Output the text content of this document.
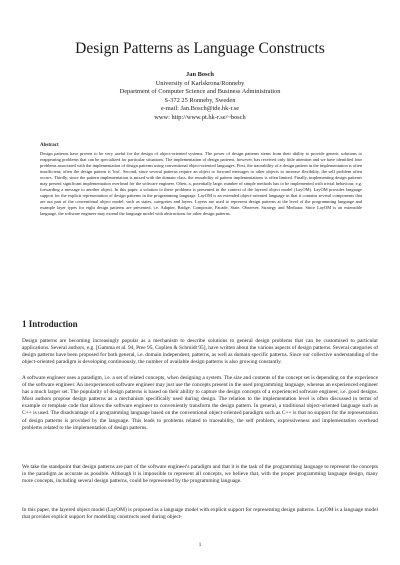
Design Patterns as Language Constructs
Jan Bosch
University of Karlskrona/Ronneby
Department of Computer Science and Business Administration
S-372 25 Ronneby, Sweden
e-mail: Jan.Bosch@ide.hk-r.se
www: http://www.pt.hk-r.se/~bosch
Abstract
Design patterns have proven to be very useful for the design of object-oriented systems. The power of design patterns stems from their ability to provide generic solutions to reappearing problems that can be specialized for particular situations. The implementation of design patterns, however, has received only little attention and we have identified four problems associated with the implementation of design patterns using conventional object-oriented languages. First, the traceability of a design pattern in the implementation is often insufficient; often the design pattern is 'lost'. Second, since several patterns require an object to forward messages to other objects to increase flexibility, the self problem often occurs. Thirdly, since the pattern implementation is mixed with the domain class, the reusability of pattern implementations is often limited. Finally, implementing design patterns may present significant implementation overhead for the software engineer. Often, a, potentially large, number of simple methods has to be implemented with trivial behaviour, e.g. forwarding a message to another object. In this paper, a solution to these problems is presented in the context of the layered object model (LayOM). LayOM provides language support for the explicit representation of design patterns in the programming language. LayOM is an extended object-oriented language in that it contains several components that are not part of the conventional object model, such as states, categories and layers. Layers are used to represent design patterns at the level of the programming language and example layer types for eight design patterns are presented, i.e. Adapter, Bridge, Composite, Facade, State, Observer, Strategy and Mediator. Since LayOM is an extensible language, the software engineer may extend the language model with abstractions for other design patterns.
1 Introduction

Design patterns are becoming increasingly popular as a mechanism to describe solutions to general design problems that can be customised to particular applications. Several authors, e.g. [Gamma et al. 94, Pree 95, Coplien & Schmidt 95], have written about the various aspects of design patterns. Several categories of design patterns have been proposed for both general, i.e. domain independent, patterns, as well as domain specific patterns. Since our collective understanding of the object-oriented paradigm is developing continuously, the number of available design patterns is also growing constantly.

A software engineer uses a paradigm, i.e. a set of related concepts, when designing a system. The size and contents of the concept set is depending on the experience of the software engineer. An inexperienced software engineer may just use the concepts present in the used programming language, whereas an experienced engineer has a much larger set. The popularity of design patterns is based on their ability to capture the design concepts of a experienced software engineer, i.e. good designs. Most authors propose design patterns as a mechanism specifically used during design. The relation to the implementation level is often discussed in terms of example or template code that allows the software engineer to conveniently transform the design pattern. In general, a traditional object-oriented language such as C++ is used. The disadvantage of a programming language based on the conventional object-oriented paradigm such as C++ is that no support for the representation of design patterns is provided by the language. This leads to problems related to traceability, the self problem, expressiveness and implementation overhead problems related to the implementation of design patterns.

We take the standpoint that design patterns are part of the software engineer's paradigm and that it is the task of the programming language to represent the concepts in the paradigm as accurate as possible. Although it is impossible to represent all concepts, we believe that, with the proper programming language design, many more concepts, including several design patterns, could be represented by the programming language.

In this paper, the layered object model (LayOM) is proposed as a language model with explicit support for representing design patterns. LayOM is a language model that provides explicit support for modelling constructs used during object-

1
